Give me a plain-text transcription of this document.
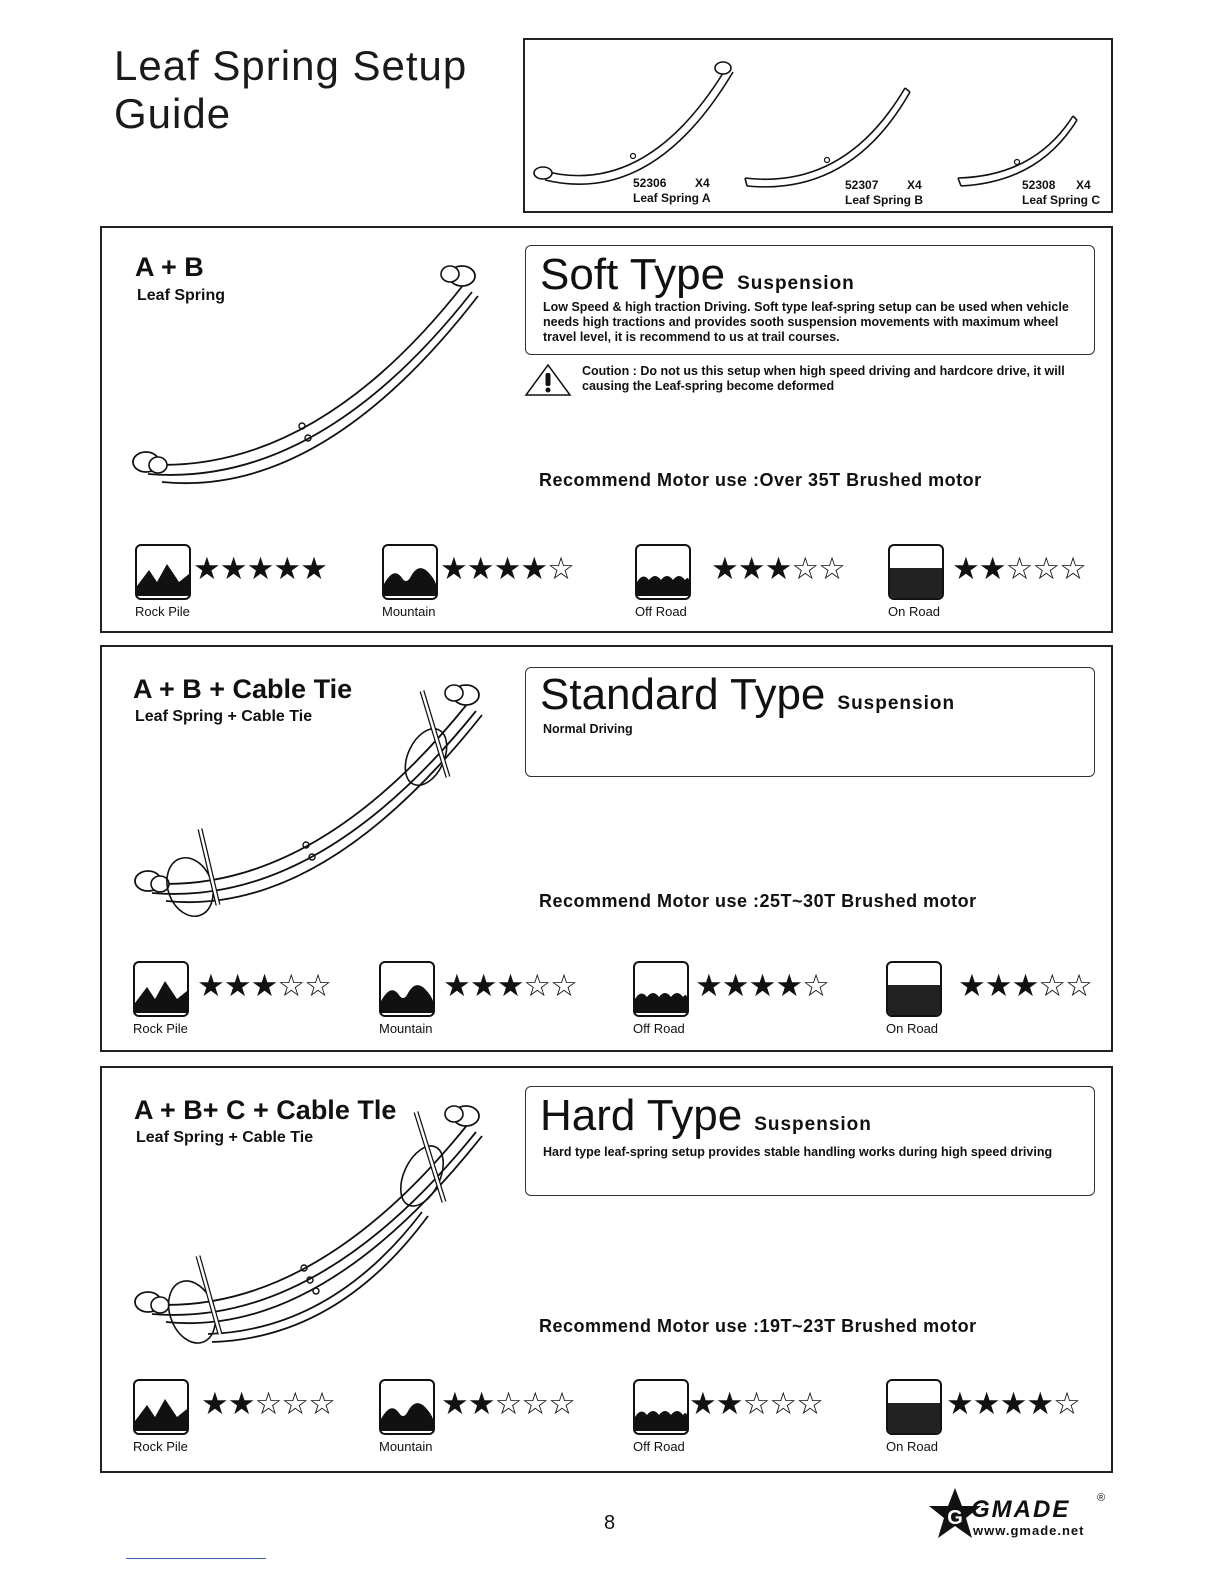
Leaf Spring Setup
Guide
52306 X4
Leaf Spring A
52307 X4
Leaf Spring B
52308 X4
Leaf Spring C
A + B
Leaf Spring	Soft Type Suspension
Low Speed & high traction Driving. Soft type leaf-spring setup can be used when vehicle needs high tractions and provides sooth suspension movements with maximum wheel travel level, it is recommend to us at trail courses.
Coution : Do not us this setup when high speed driving and hardcore drive, it will causing the Leaf-spring become deformed
Recommend Motor use :Over 35T Brushed motor
★★★★★
Rock Pile
★★★★☆
Mountain
★★★☆☆
Off Road
★★☆☆☆
On Road
A + B + Cable Tie
Leaf Spring + Cable Tie	Standard Type Suspension
Normal Driving
Recommend Motor use :25T~30T Brushed motor
★★★☆☆
Rock Pile
★★★☆☆
Mountain
★★★★☆
Off Road
★★★☆☆
On Road
A + B+ C + Cable Tle
Leaf Spring + Cable Tie	Hard Type Suspension
Hard type leaf-spring setup provides stable handling works during high speed driving
Recommend Motor use :19T~23T Brushed motor
★★☆☆☆
Rock Pile
★★☆☆☆
Mountain
★★☆☆☆
Off Road
★★★★☆
On Road
8	G GMADE ®
www.gmade.net
